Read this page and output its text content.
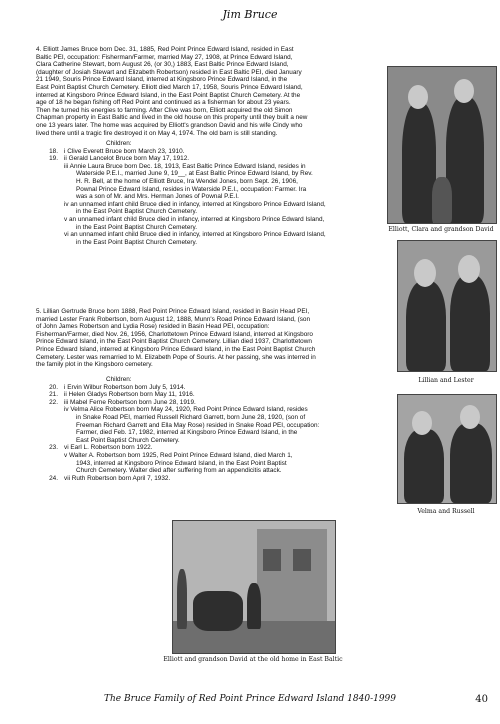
Jim Bruce
4. Elliott James Bruce born Dec. 31, 1885, Red Point Prince Edward Island, resided in East
Baltic PEI, occupation: Fisherman/Farmer, married May 27, 1908, at Prince Edward Island,
Clara Catherine Stewart, born August 26, (or 30,) 1883, East Baltic Prince Edward Island,
(daughter of Josiah Stewart and Elizabeth Robertson) resided in East Baltic PEI, died January
21 1949, Souris Prince Edward Island, interred at Kingsboro Prince Edward Island, in the
East Point Baptist Church Cemetery. Elliott died March 17, 1958, Souris Prince Edward Island,
interred at Kingsboro Prince Edward Island, in the East Point Baptist Church Cemetery. At the
age of 18 he began fishing off Red Point and continued as a fisherman for about 23 years.
Then he turned his energies to farming. After Clive was born, Elliott acquired the old Simon
Chapman property in East Baltic and lived in the old house on this property until they built a new
one 13 years later. The home was acquired by Elliott's grandson David and his wife Cindy who
lived there until a tragic fire destroyed it on May 4, 1974. The old barn is still standing.
Children:
18. i Clive Everett Bruce born March 23, 1910.
19. ii Gerald Lancelot Bruce born May 17, 1912.
iii Annie Laura Bruce born Dec. 18, 1913, East Baltic Prince Edward Island, resides in
Waterside P.E.I., married June 9, 19__, at East Baltic Prince Edward Island, by Rev.
H. R. Bell, at the home of Elliott Bruce, Ira Wendel Jones, born Sept. 26, 1906,
Pownal Prince Edward Island, resides in Waterside P.E.I., occupation: Farmer. Ira
was a son of Mr. and Mrs. Herman Jones of Pownal P.E.I.
iv an unnamed infant child Bruce died in infancy, interred at Kingsboro Prince Edward Island,
in the East Point Baptist Church Cemetery.
v an unnamed infant child Bruce died in infancy, interred at Kingsboro Prince Edward Island,
in the East Point Baptist Church Cemetery.
vi an unnamed infant child Bruce died in infancy, interred at Kingsboro Prince Edward Island,
in the East Point Baptist Church Cemetery.
5. Lillian Gertrude Bruce born 1888, Red Point Prince Edward Island, resided in Basin Head PEI,
married Lester Frank Robertson, born August 12, 1888, Munn's Road Prince Edward Island, (son
of John James Robertson and Lydia Rose) resided in Basin Head PEI, occupation:
Fisherman/Farmer, died Nov. 26, 1956, Charlottetown Prince Edward Island, interred at Kingsboro
Prince Edward Island, in the East Point Baptist Church Cemetery. Lillian died 1937, Charlottetown
Prince Edward Island, interred at Kingsboro Prince Edward Island, in the East Point Baptist Church
Cemetery. Lester was remarried to M. Elizabeth Pope of Souris. At her passing, she was interred in
the family plot in the Kingsboro cemetery.
Children:
20. i Ervin Wilbur Robertson born July 5, 1914.
21. ii Helen Gladys Robertson born May 11, 1916.
22. iii Mabel Ferne Robertson born June 28, 1919.
iv Velma Alice Robertson born May 24, 1920, Red Point Prince Edward Island, resides
in Snake Road PEI, married Russell Richard Garrett, born June 28, 1920, (son of
Freeman Richard Garrett and Ella May Rose) resided in Snake Road PEI, occupation:
Farmer, died Feb. 17, 1982, interred at Kingsboro Prince Edward Island, in the
East Point Baptist Church Cemetery.
23. vi Earl L. Robertson born 1922.
v Walter A. Robertson born 1925, Red Point Prince Edward Island, died March 1,
1943, interred at Kingsboro Prince Edward Island, in the East Point Baptist
Church Cemetery. Walter died after suffering from an appendicitis attack.
24. vii Ruth Robertson born April 7, 1932.
Elliott, Clara and grandson David
Lillian and Lester
Velma and Russell
Elliott and grandson David at the old home in East Baltic
The Bruce Family of Red Point Prince Edward Island 1840-1999	40
